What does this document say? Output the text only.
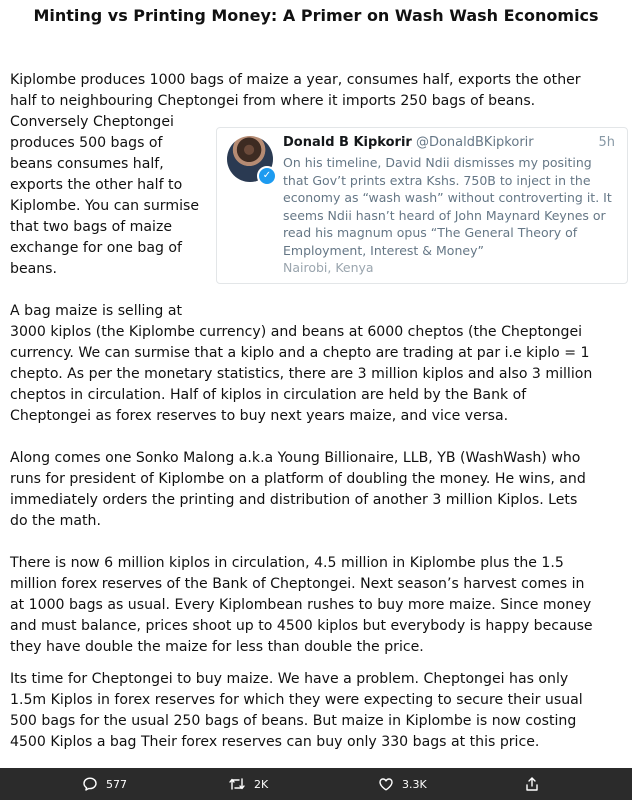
Minting vs Printing Money: A Primer on Wash Wash Economics
Kiplombe produces 1000 bags of maize a year, consumes half, exports the other
half to neighbouring Cheptongei from where it imports 250 bags of beans.
Conversely Cheptongei
produces 500 bags of
beans consumes half,
exports the other half to
Kiplombe. You can surmise
that two bags of maize
exchange for one bag of
beans.
✓
Donald B Kipkorir @DonaldBKipkorir	5h
On his timeline, David Ndii dismisses my positing
that Gov’t prints extra Kshs. 750B to inject in the
economy as “wash wash” without controverting it. It
seems Ndii hasn’t heard of John Maynard Keynes or
read his magnum opus “The General Theory of
Employment, Interest & Money”
Nairobi, Kenya
A bag maize is selling at
3000 kiplos (the Kiplombe currency) and beans at 6000 cheptos (the Cheptongei
currency. We can surmise that a kiplo and a chepto are trading at par i.e kiplo = 1
chepto. As per the monetary statistics, there are 3 million kiplos and also 3 million
cheptos in circulation. Half of kiplos in circulation are held by the Bank of
Cheptongei as forex reserves to buy next years maize, and vice versa.
Along comes one Sonko Malong a.k.a Young Billionaire, LLB, YB (WashWash) who
runs for president of Kiplombe on a platform of doubling the money. He wins, and
immediately orders the printing and distribution of another 3 million Kiplos. Lets
do the math.
There is now 6 million kiplos in circulation, 4.5 million in Kiplombe plus the 1.5
million forex reserves of the Bank of Cheptongei. Next season’s harvest comes in
at 1000 bags as usual. Every Kiplombean rushes to buy more maize. Since money
and must balance, prices shoot up to 4500 kiplos but everybody is happy because
they have double the maize for less than double the price.
Its time for Cheptongei to buy maize. We have a problem. Cheptongei has only
1.5m Kiplos in forex reserves for which they were expecting to secure their usual
500 bags for the usual 250 bags of beans. But maize in Kiplombe is now costing
4500 Kiplos a bag Their forex reserves can buy only 330 bags at this price.
577	2K	3.3K
